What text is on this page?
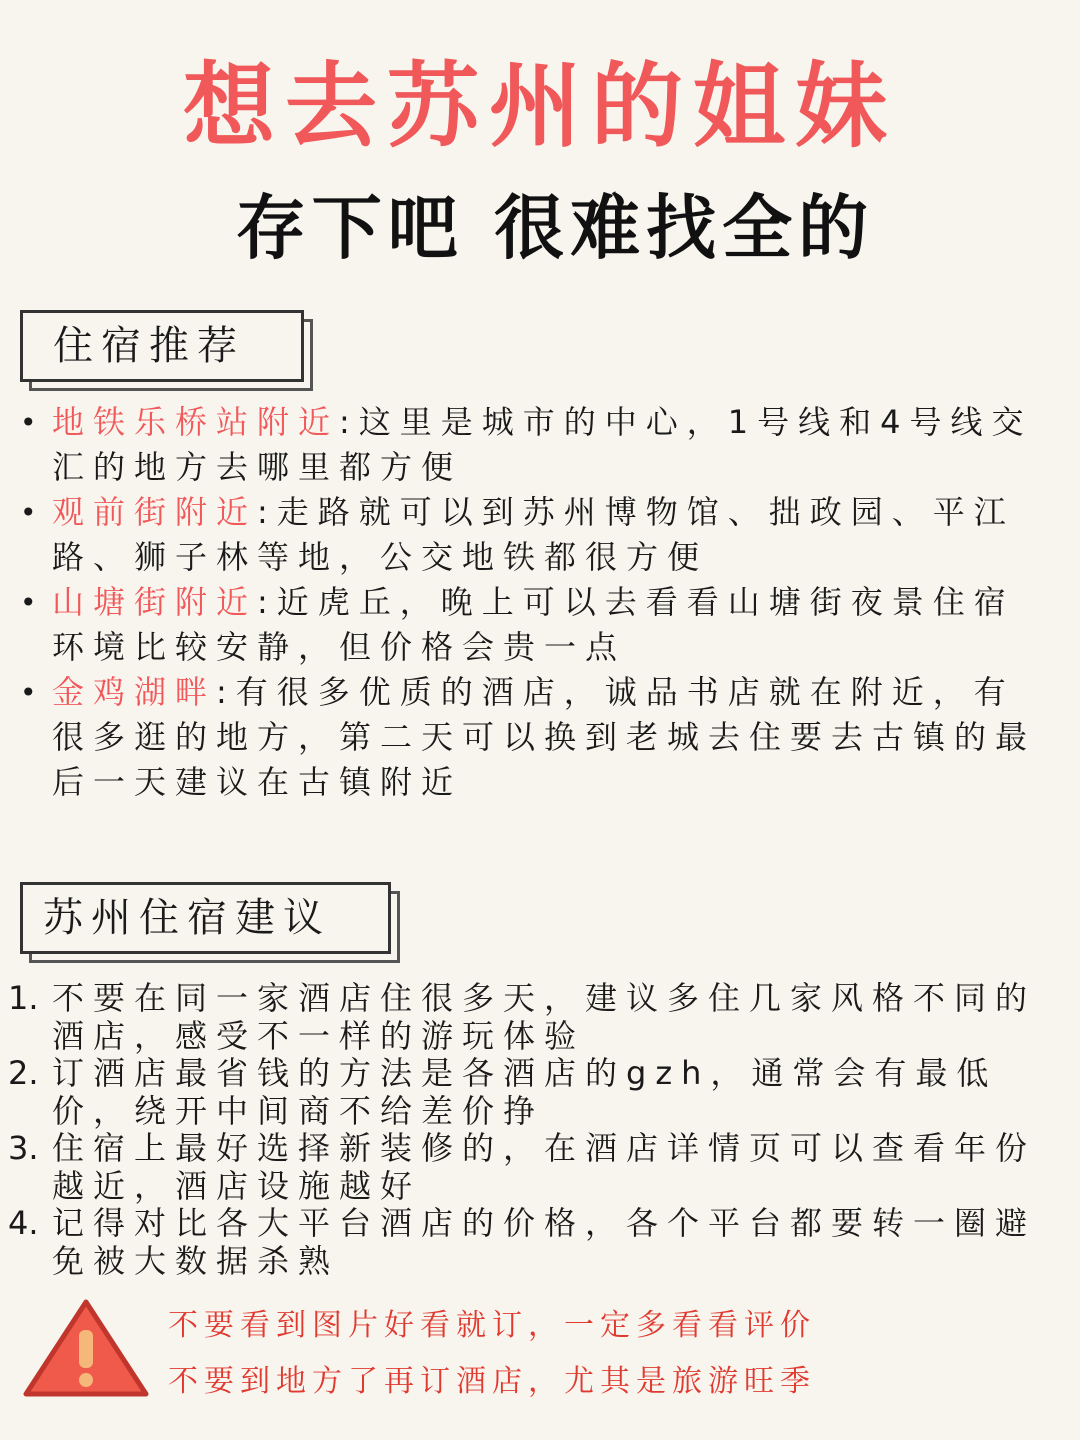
想去苏州的姐妹
存下吧 很难找全的
住宿推荐
• 地铁乐桥站附近:这里是城市的中心，1号线和4号线交汇的地方去哪里都方便
• 观前街附近:走路就可以到苏州博物馆、拙政园、平江路、狮子林等地，公交地铁都很方便
• 山塘街附近:近虎丘，晚上可以去看看山塘街夜景住宿环境比较安静，但价格会贵一点
• 金鸡湖畔:有很多优质的酒店，诚品书店就在附近，有很多逛的地方，第二天可以换到老城去住要去古镇的最后一天建议在古镇附近
苏州住宿建议
1. 不要在同一家酒店住很多天，建议多住几家风格不同的酒店，感受不一样的游玩体验
2. 订酒店最省钱的方法是各酒店的gzh，通常会有最低价，绕开中间商不给差价挣
3. 住宿上最好选择新装修的，在酒店详情页可以查看年份越近，酒店设施越好
4. 记得对比各大平台酒店的价格，各个平台都要转一圈避免被大数据杀熟
不要看到图片好看就订，一定多看看评价
不要到地方了再订酒店，尤其是旅游旺季
